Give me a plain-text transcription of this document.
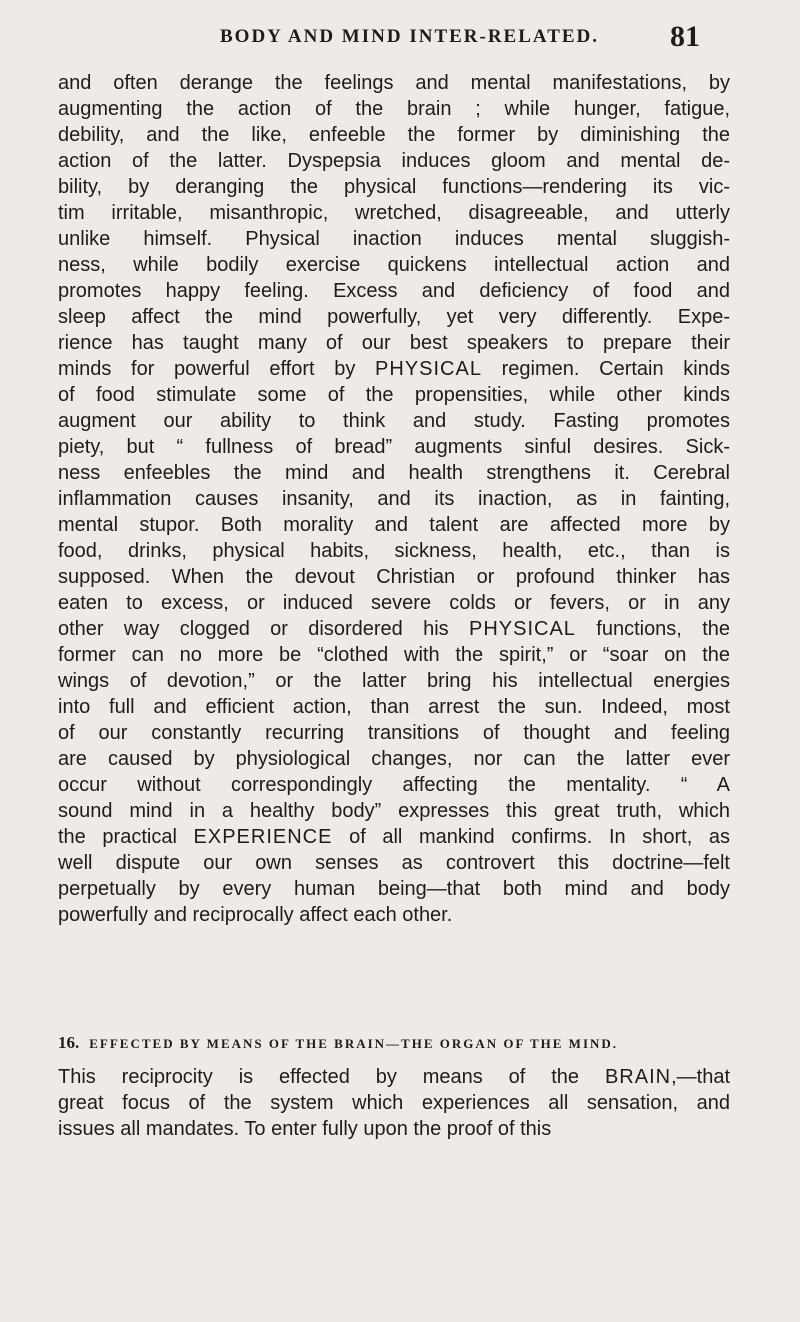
BODY AND MIND INTER-RELATED. 81
and often derange the feelings and mental manifestations, by
augmenting the action of the brain ; while hunger, fatigue,
debility, and the like, enfeeble the former by diminishing the
action of the latter. Dyspepsia induces gloom and mental de-
bility, by deranging the physical functions—rendering its vic-
tim irritable, misanthropic, wretched, disagreeable, and utterly
unlike himself. Physical inaction induces mental sluggish-
ness, while bodily exercise quickens intellectual action and
promotes happy feeling. Excess and deficiency of food and
sleep affect the mind powerfully, yet very differently. Expe-
rience has taught many of our best speakers to prepare their
minds for powerful effort by PHYSICAL regimen. Certain kinds
of food stimulate some of the propensities, while other kinds
augment our ability to think and study. Fasting promotes
piety, but “ fullness of bread” augments sinful desires. Sick-
ness enfeebles the mind and health strengthens it. Cerebral
inflammation causes insanity, and its inaction, as in fainting,
mental stupor. Both morality and talent are affected more by
food, drinks, physical habits, sickness, health, etc., than is
supposed. When the devout Christian or profound thinker has
eaten to excess, or induced severe colds or fevers, or in any
other way clogged or disordered his PHYSICAL functions, the
former can no more be “clothed with the spirit,” or “soar on the
wings of devotion,” or the latter bring his intellectual energies
into full and efficient action, than arrest the sun. Indeed, most
of our constantly recurring transitions of thought and feeling
are caused by physiological changes, nor can the latter ever
occur without correspondingly affecting the mentality. “ A
sound mind in a healthy body” expresses this great truth, which
the practical EXPERIENCE of all mankind confirms. In short, as
well dispute our own senses as controvert this doctrine—felt
perpetually by every human being—that both mind and body
powerfully and reciprocally affect each other.
16. EFFECTED BY MEANS OF THE BRAIN—THE ORGAN OF THE MIND.
This reciprocity is effected by means of the BRAIN,—that
great focus of the system which experiences all sensation, and
issues all mandates. To enter fully upon the proof of this
